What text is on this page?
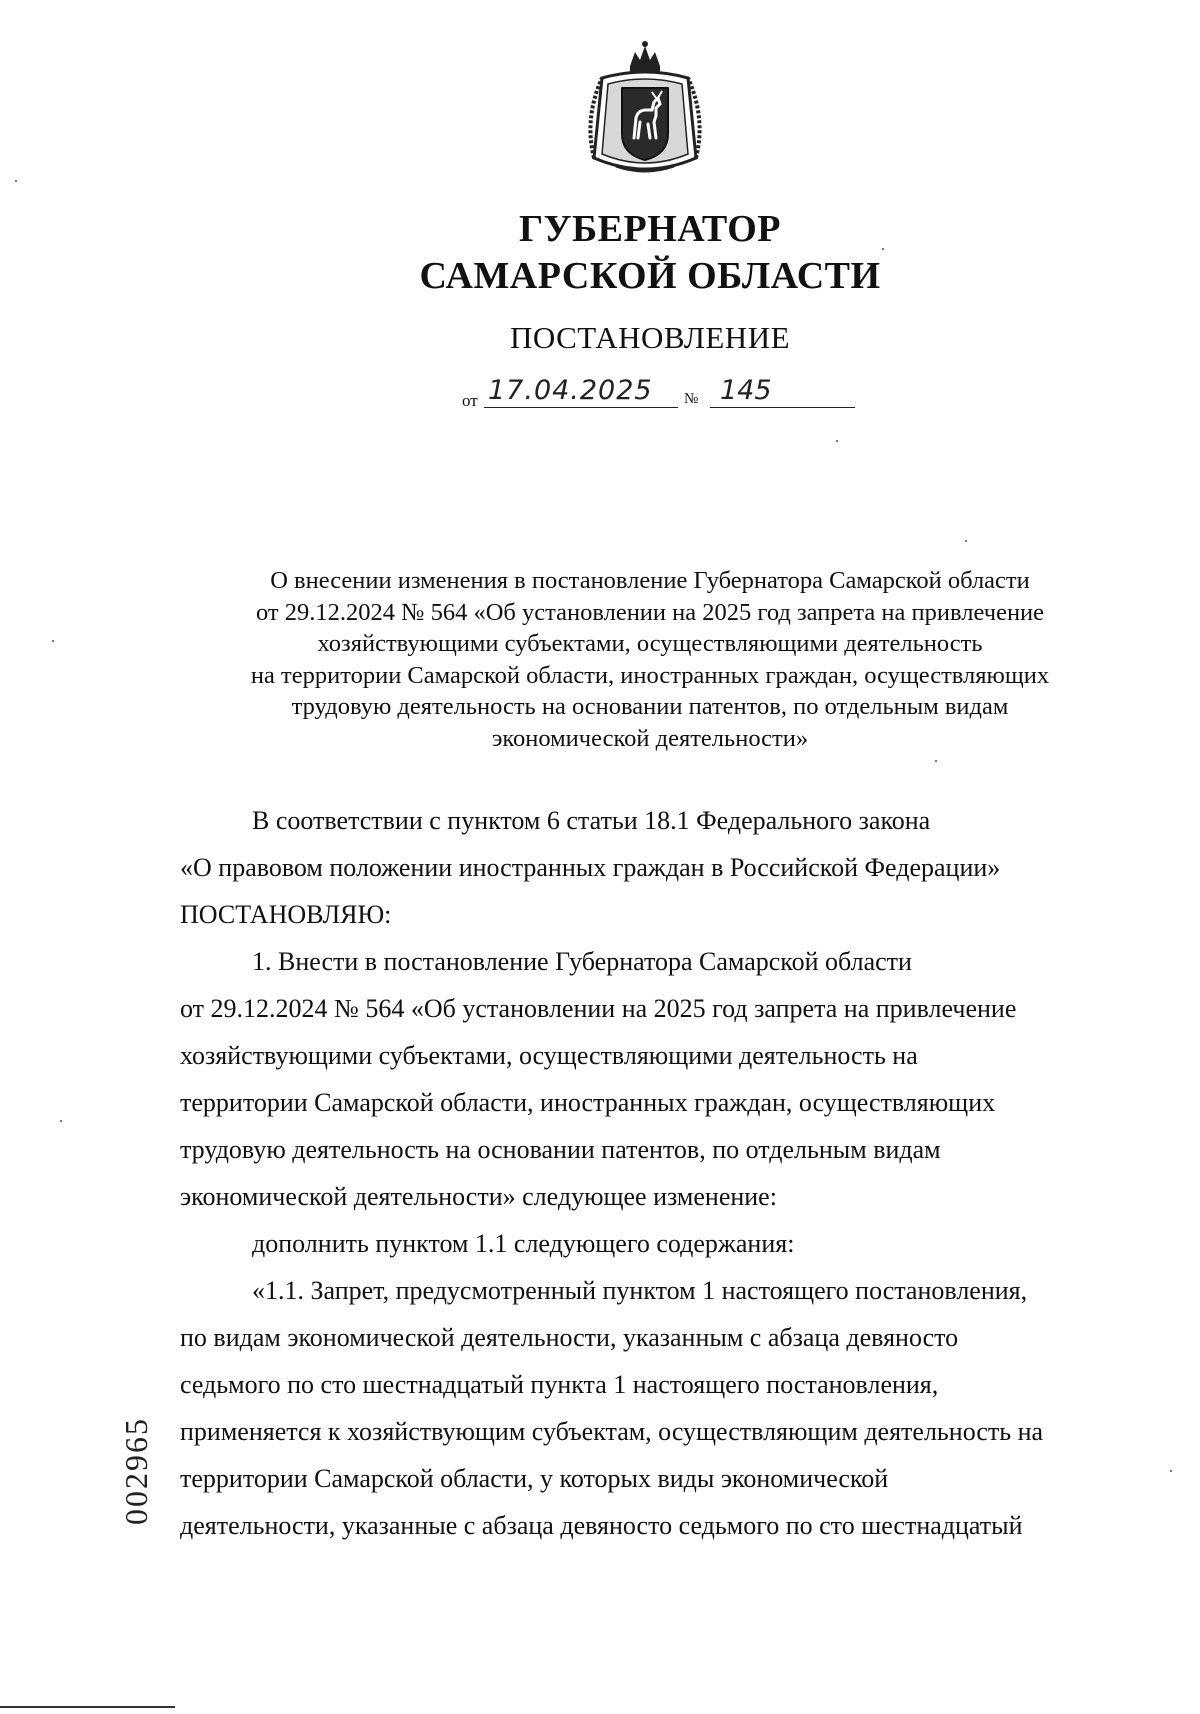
ГУБЕРНАТОР
САМАРСКОЙ ОБЛАСТИ
ПОСТАНОВЛЕНИЕ
от 17.04.2025	№ 145
О внесении изменения в постановление Губернатора Самарской области
от 29.12.2024 № 564 «Об установлении на 2025 год запрета на привлечение
хозяйствующими субъектами, осуществляющими деятельность
на территории Самарской области, иностранных граждан, осуществляющих
трудовую деятельность на основании патентов, по отдельным видам
экономической деятельности»
В соответствии с пунктом 6 статьи 18.1 Федерального закона
«О правовом положении иностранных граждан в Российской Федерации»
ПОСТАНОВЛЯЮ:
1. Внести в постановление Губернатора Самарской области
от 29.12.2024 № 564 «Об установлении на 2025 год запрета на привлечение
хозяйствующими субъектами, осуществляющими деятельность на
территории Самарской области, иностранных граждан, осуществляющих
трудовую деятельность на основании патентов, по отдельным видам
экономической деятельности» следующее изменение:
дополнить пунктом 1.1 следующего содержания:
«1.1. Запрет, предусмотренный пунктом 1 настоящего постановления,
по видам экономической деятельности, указанным с абзаца девяносто
седьмого по сто шестнадцатый пункта 1 настоящего постановления,
применяется к хозяйствующим субъектам, осуществляющим деятельность на
территории Самарской области, у которых виды экономической
деятельности, указанные с абзаца девяносто седьмого по сто шестнадцатый
002965
